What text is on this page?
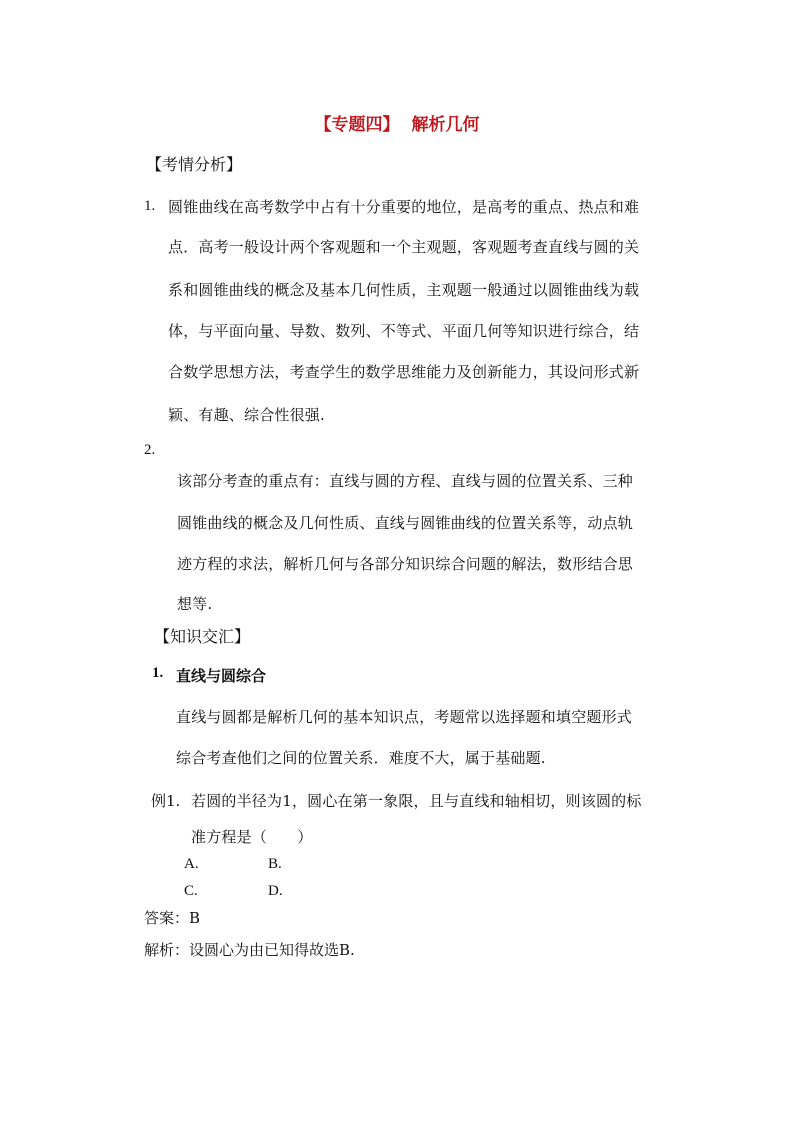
【专题四】 解析几何
【考情分析】
1. 圆锥曲线在高考数学中占有十分重要的地位，是高考的重点、热点和难
点．高考一般设计两个客观题和一个主观题，客观题考查直线与圆的关
系和圆锥曲线的概念及基本几何性质，主观题一般通过以圆锥曲线为载
体，与平面向量、导数、数列、不等式、平面几何等知识进行综合，结
合数学思想方法，考查学生的数学思维能力及创新能力，其设问形式新
颖、有趣、综合性很强.
2.
该部分考查的重点有：直线与圆的方程、直线与圆的位置关系、三种
圆锥曲线的概念及几何性质、直线与圆锥曲线的位置关系等，动点轨
迹方程的求法，解析几何与各部分知识综合问题的解法，数形结合思
想等.
【知识交汇】
1. 直线与圆综合
直线与圆都是解析几何的基本知识点，考题常以选择题和填空题形式
综合考查他们之间的位置关系．难度不大，属于基础题.
例1. 若圆的半径为1，圆心在第一象限，且与直线和轴相切，则该圆的标
准方程是（　　）
A.	B.
C.	D.
答案：B
解析：设圆心为由已知得故选B.
